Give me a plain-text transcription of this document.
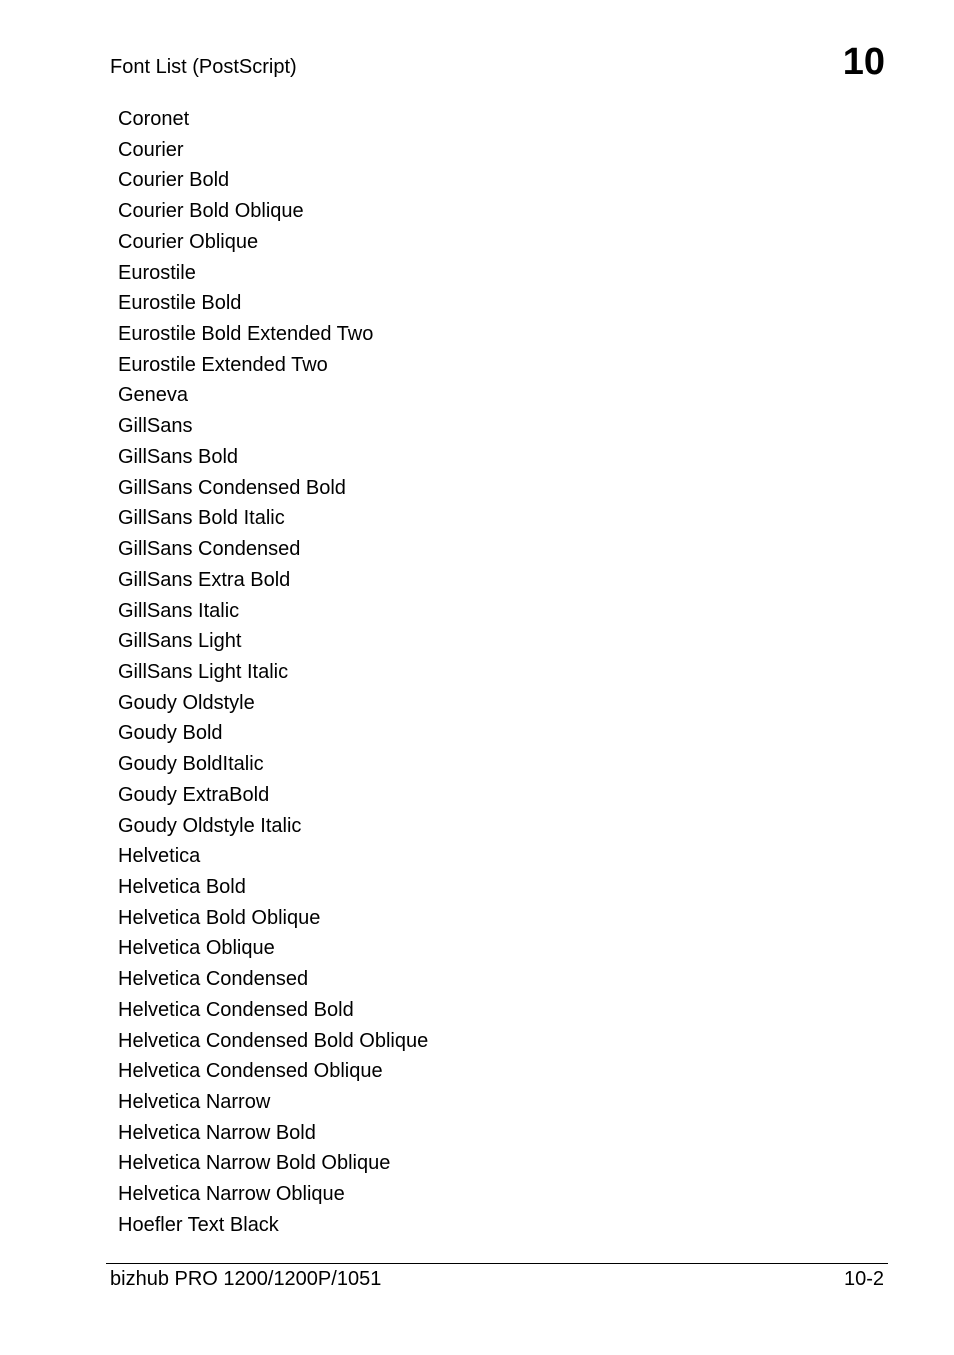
Font List (PostScript)	10
Coronet
Courier
Courier Bold
Courier Bold Oblique
Courier Oblique
Eurostile
Eurostile Bold
Eurostile Bold Extended Two
Eurostile Extended Two
Geneva
GillSans
GillSans Bold
GillSans Condensed Bold
GillSans Bold Italic
GillSans Condensed
GillSans Extra Bold
GillSans Italic
GillSans Light
GillSans Light Italic
Goudy Oldstyle
Goudy Bold
Goudy BoldItalic
Goudy ExtraBold
Goudy Oldstyle Italic
Helvetica
Helvetica Bold
Helvetica Bold Oblique
Helvetica Oblique
Helvetica Condensed
Helvetica Condensed Bold
Helvetica Condensed Bold Oblique
Helvetica Condensed Oblique
Helvetica Narrow
Helvetica Narrow Bold
Helvetica Narrow Bold Oblique
Helvetica Narrow Oblique
Hoefler Text Black
bizhub PRO 1200/1200P/1051	10-2
